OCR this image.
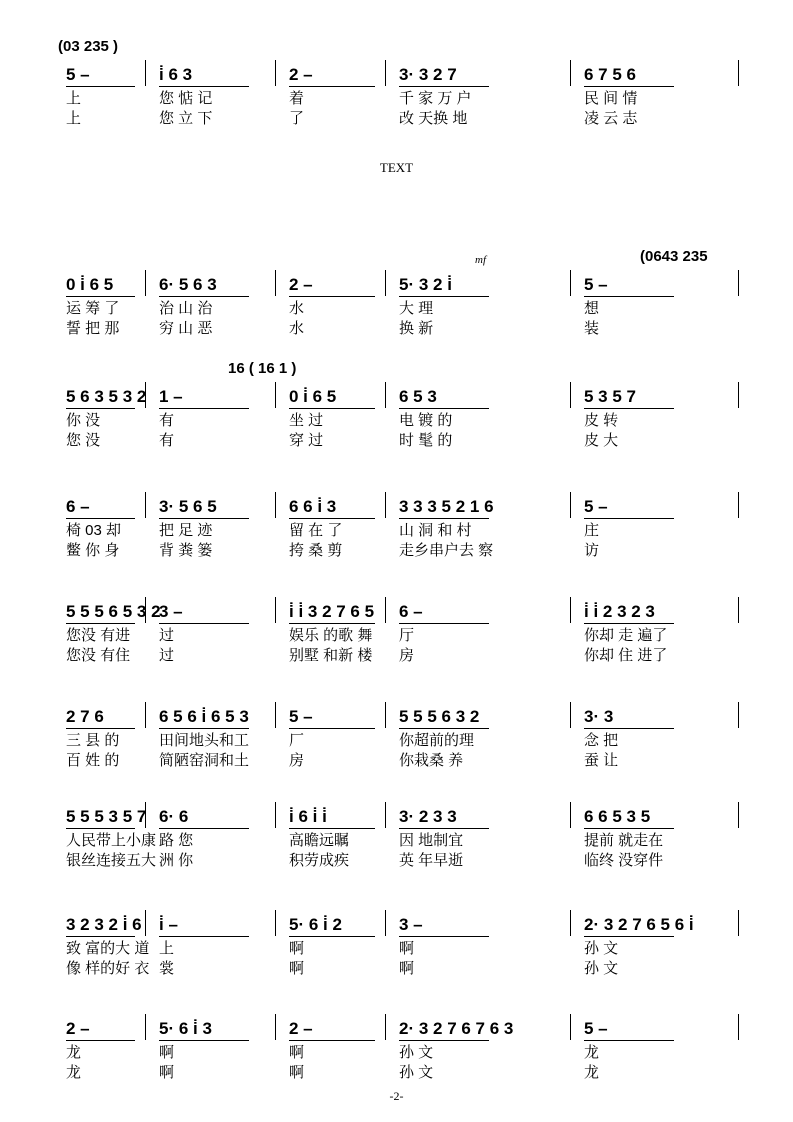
TEXT
(03 235 )
5 –
上
上
i̇ 6 3
您 惦 记
您 立 下
2 –
着
了
3· 3 2 7
千 家 万 户
改 天换 地
6 7 5 6
民 间 情
凌 云 志
(0643 235
mf
0 i̇ 6 5
运 筹 了
誓 把 那
6· 5 6 3
治 山 治
穷 山 恶
2 –
水
水
5· 3 2 i̇
大 理
换 新
5 –
想
装
16 ( 16 1 )
5 6 3 5 3 2
你 没
您 没
1 –
有
有
0 i̇ 6 5
坐 过
穿 过
6 5 3
电 镀 的
时 髦 的
5 3 5 7
皮 转
皮 大
6 –
椅 03 却
鳖 你 身
3· 5 6 5
把 足 迹
背 粪 篓
6 6 i̇ 3
留 在 了
挎 桑 剪
3 3 3 5 2 1 6
山 洞 和 村
走乡串户去 察
5 –
庄
访
5 5 5 6 5 3 2
您没 有进
您没 有住
3 –
过
过
i̇ i̇ 3 2 7 6 5
娱乐 的歌 舞
别墅 和新 楼
6 –
厅
房
i̇ i̇ 2 3 2 3
你却 走 遍了
你却 住 进了
2 7 6
三 县 的
百 姓 的
6 5 6 i̇ 6 5 3
田间地头和工
简陋窑洞和土
5 –
厂
房
5 5 5 6 3 2
你超前的理
你栽桑 养
3· 3
念 把
蚕 让
5 5 5 3 5 7
人民带上小康
银丝连接五大
6· 6
路 您
洲 你
i̇ 6 i̇ i̇
高瞻远瞩
积劳成疾
3· 2 3 3
因 地制宜
英 年早逝
6 6 5 3 5
提前 就走在
临终 没穿件
3 2 3 2 i̇ 6
致 富的大 道
像 样的好 衣
i̇ –
上
裳
5· 6 i̇ 2
啊
啊
3 –
啊
啊
2· 3 2 7 6 5 6 i̇
孙 文
孙 文
2 –
龙
龙
5· 6 i̇ 3
啊
啊
2 –
啊
啊
2· 3 2 7 6 7 6 3
孙 文
孙 文
5 –
龙
龙
-2-
